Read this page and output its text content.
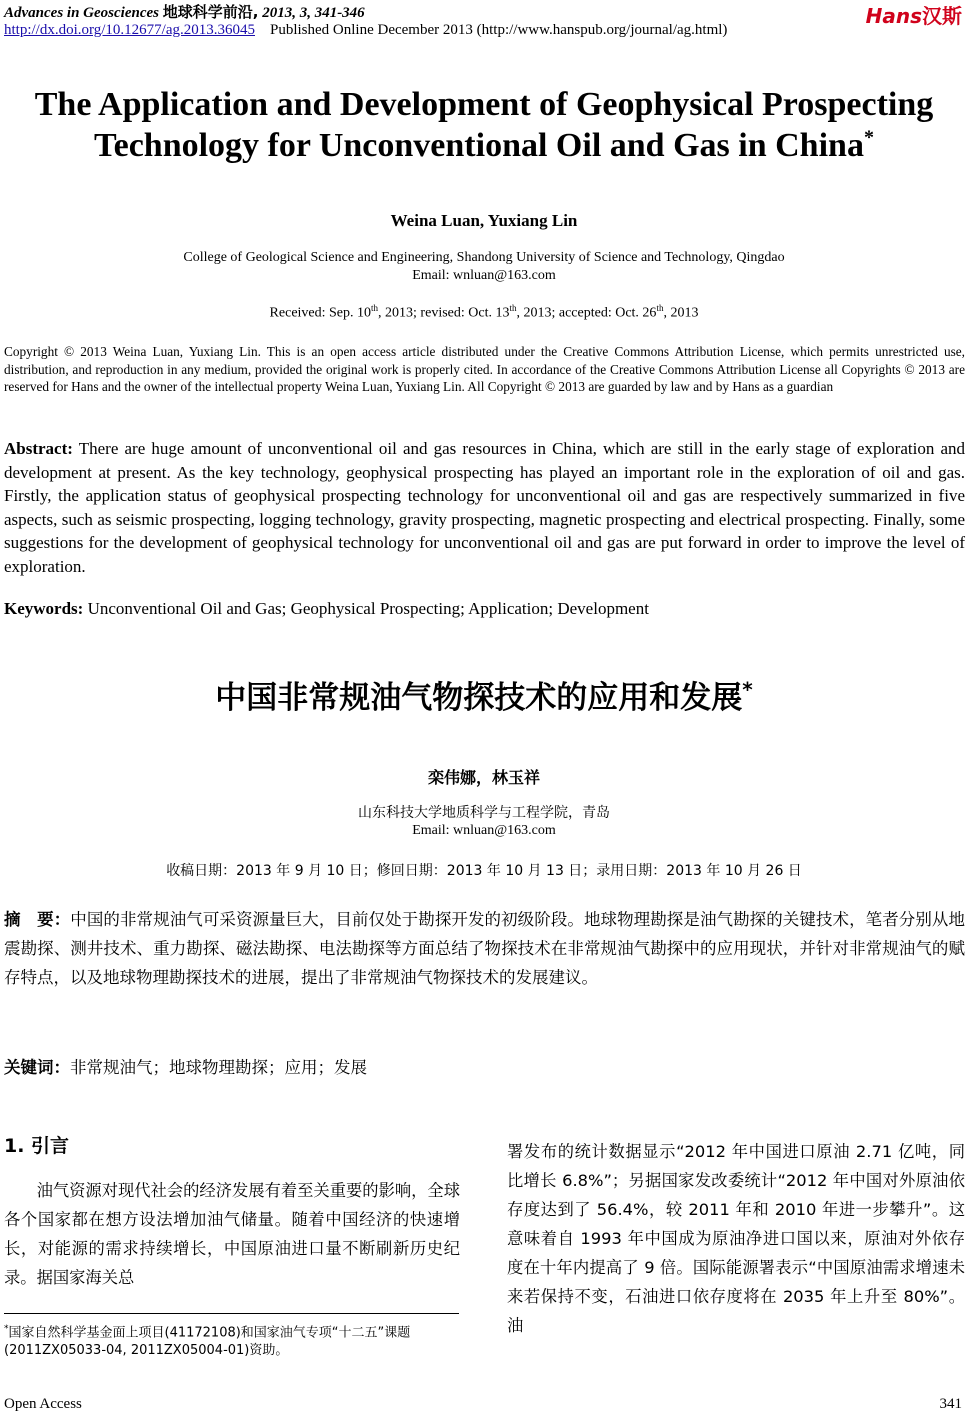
Advances in Geosciences 地球科学前沿, 2013, 3, 341-346
http://dx.doi.org/10.12677/ag.2013.36045 Published Online December 2013 (http://www.hanspub.org/journal/ag.html)
Hans汉斯
The Application and Development of Geophysical Prospecting
Technology for Unconventional Oil and Gas in China*
Weina Luan, Yuxiang Lin
College of Geological Science and Engineering, Shandong University of Science and Technology, Qingdao
Email: wnluan@163.com
Received: Sep. 10th, 2013; revised: Oct. 13th, 2013; accepted: Oct. 26th, 2013
Copyright © 2013 Weina Luan, Yuxiang Lin. This is an open access article distributed under the Creative Commons Attribution License, which permits unrestricted use, distribution, and reproduction in any medium, provided the original work is properly cited. In accordance of the Creative Commons Attribution License all Copyrights © 2013 are reserved for Hans and the owner of the intellectual property Weina Luan, Yuxiang Lin. All Copyright © 2013 are guarded by law and by Hans as a guardian
Abstract: There are huge amount of unconventional oil and gas resources in China, which are still in the early stage of exploration and development at present. As the key technology, geophysical prospecting has played an important role in the exploration of oil and gas. Firstly, the application status of geophysical prospecting technology for unconventional oil and gas are respectively summarized in five aspects, such as seismic prospecting, logging technology, gravity prospecting, magnetic prospecting and electrical prospecting. Finally, some suggestions for the development of geophysical technology for unconventional oil and gas are put forward in order to improve the level of exploration.
Keywords: Unconventional Oil and Gas; Geophysical Prospecting; Application; Development
中国非常规油气物探技术的应用和发展*
栾伟娜，林玉祥
山东科技大学地质科学与工程学院，青岛
Email: wnluan@163.com
收稿日期：2013 年 9 月 10 日；修回日期：2013 年 10 月 13 日；录用日期：2013 年 10 月 26 日
摘　要：中国的非常规油气可采资源量巨大，目前仅处于勘探开发的初级阶段。地球物理勘探是油气勘探的关键技术，笔者分别从地震勘探、测井技术、重力勘探、磁法勘探、电法勘探等方面总结了物探技术在非常规油气勘探中的应用现状，并针对非常规油气的赋存特点，以及地球物理勘探技术的进展，提出了非常规油气物探技术的发展建议。
关键词：非常规油气；地球物理勘探；应用；发展
1. 引言

　　油气资源对现代社会的经济发展有着至关重要的影响，全球各个国家都在想方设法增加油气储量。随着中国经济的快速增长，对能源的需求持续增长，中国原油进口量不断刷新历史纪录。据国家海关总

署发布的统计数据显示“2012 年中国进口原油 2.71 亿吨，同比增长 6.8%”；另据国家发改委统计“2012 年中国对外原油依存度达到了 56.4%，较 2011 年和 2010 年进一步攀升”。这意味着自 1993 年中国成为原油净进口国以来，原油对外依存度在十年内提高了 9 倍。国际能源署表示“中国原油需求增速未来若保持不变，石油进口依存度将在 2035 年上升至 80%”。油

*国家自然科学基金面上项目(41172108)和国家油气专项“十二五”课题(2011ZX05033-04, 2011ZX05004-01)资助。
Open Access	341
